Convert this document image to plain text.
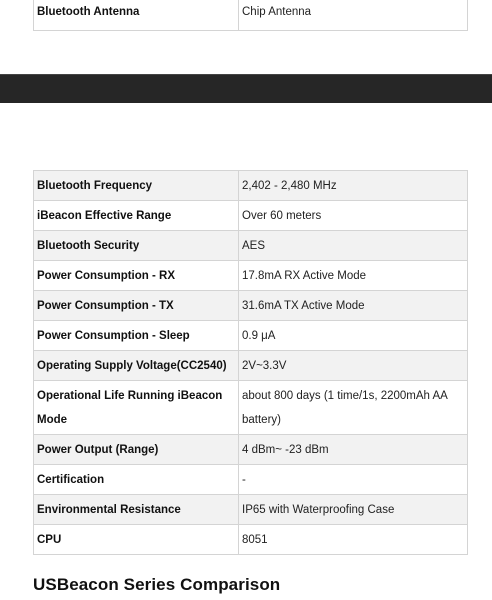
Bluetooth Antenna	Chip Antenna
Bluetooth Frequency	2,402 - 2,480 MHz
iBeacon Effective Range	Over 60 meters
Bluetooth Security	AES
Power Consumption - RX	17.8mA RX Active Mode
Power Consumption - TX	31.6mA TX Active Mode
Power Consumption - Sleep	0.9 μA
Operating Supply Voltage(CC2540)	2V~3.3V
Operational Life Running iBeacon Mode	about 800 days (1 time/1s, 2200mAh AA battery)
Power Output (Range)	4 dBm~ -23 dBm
Certification	-
Environmental Resistance	IP65 with Waterproofing Case
CPU	8051
USBeacon Series Comparison
